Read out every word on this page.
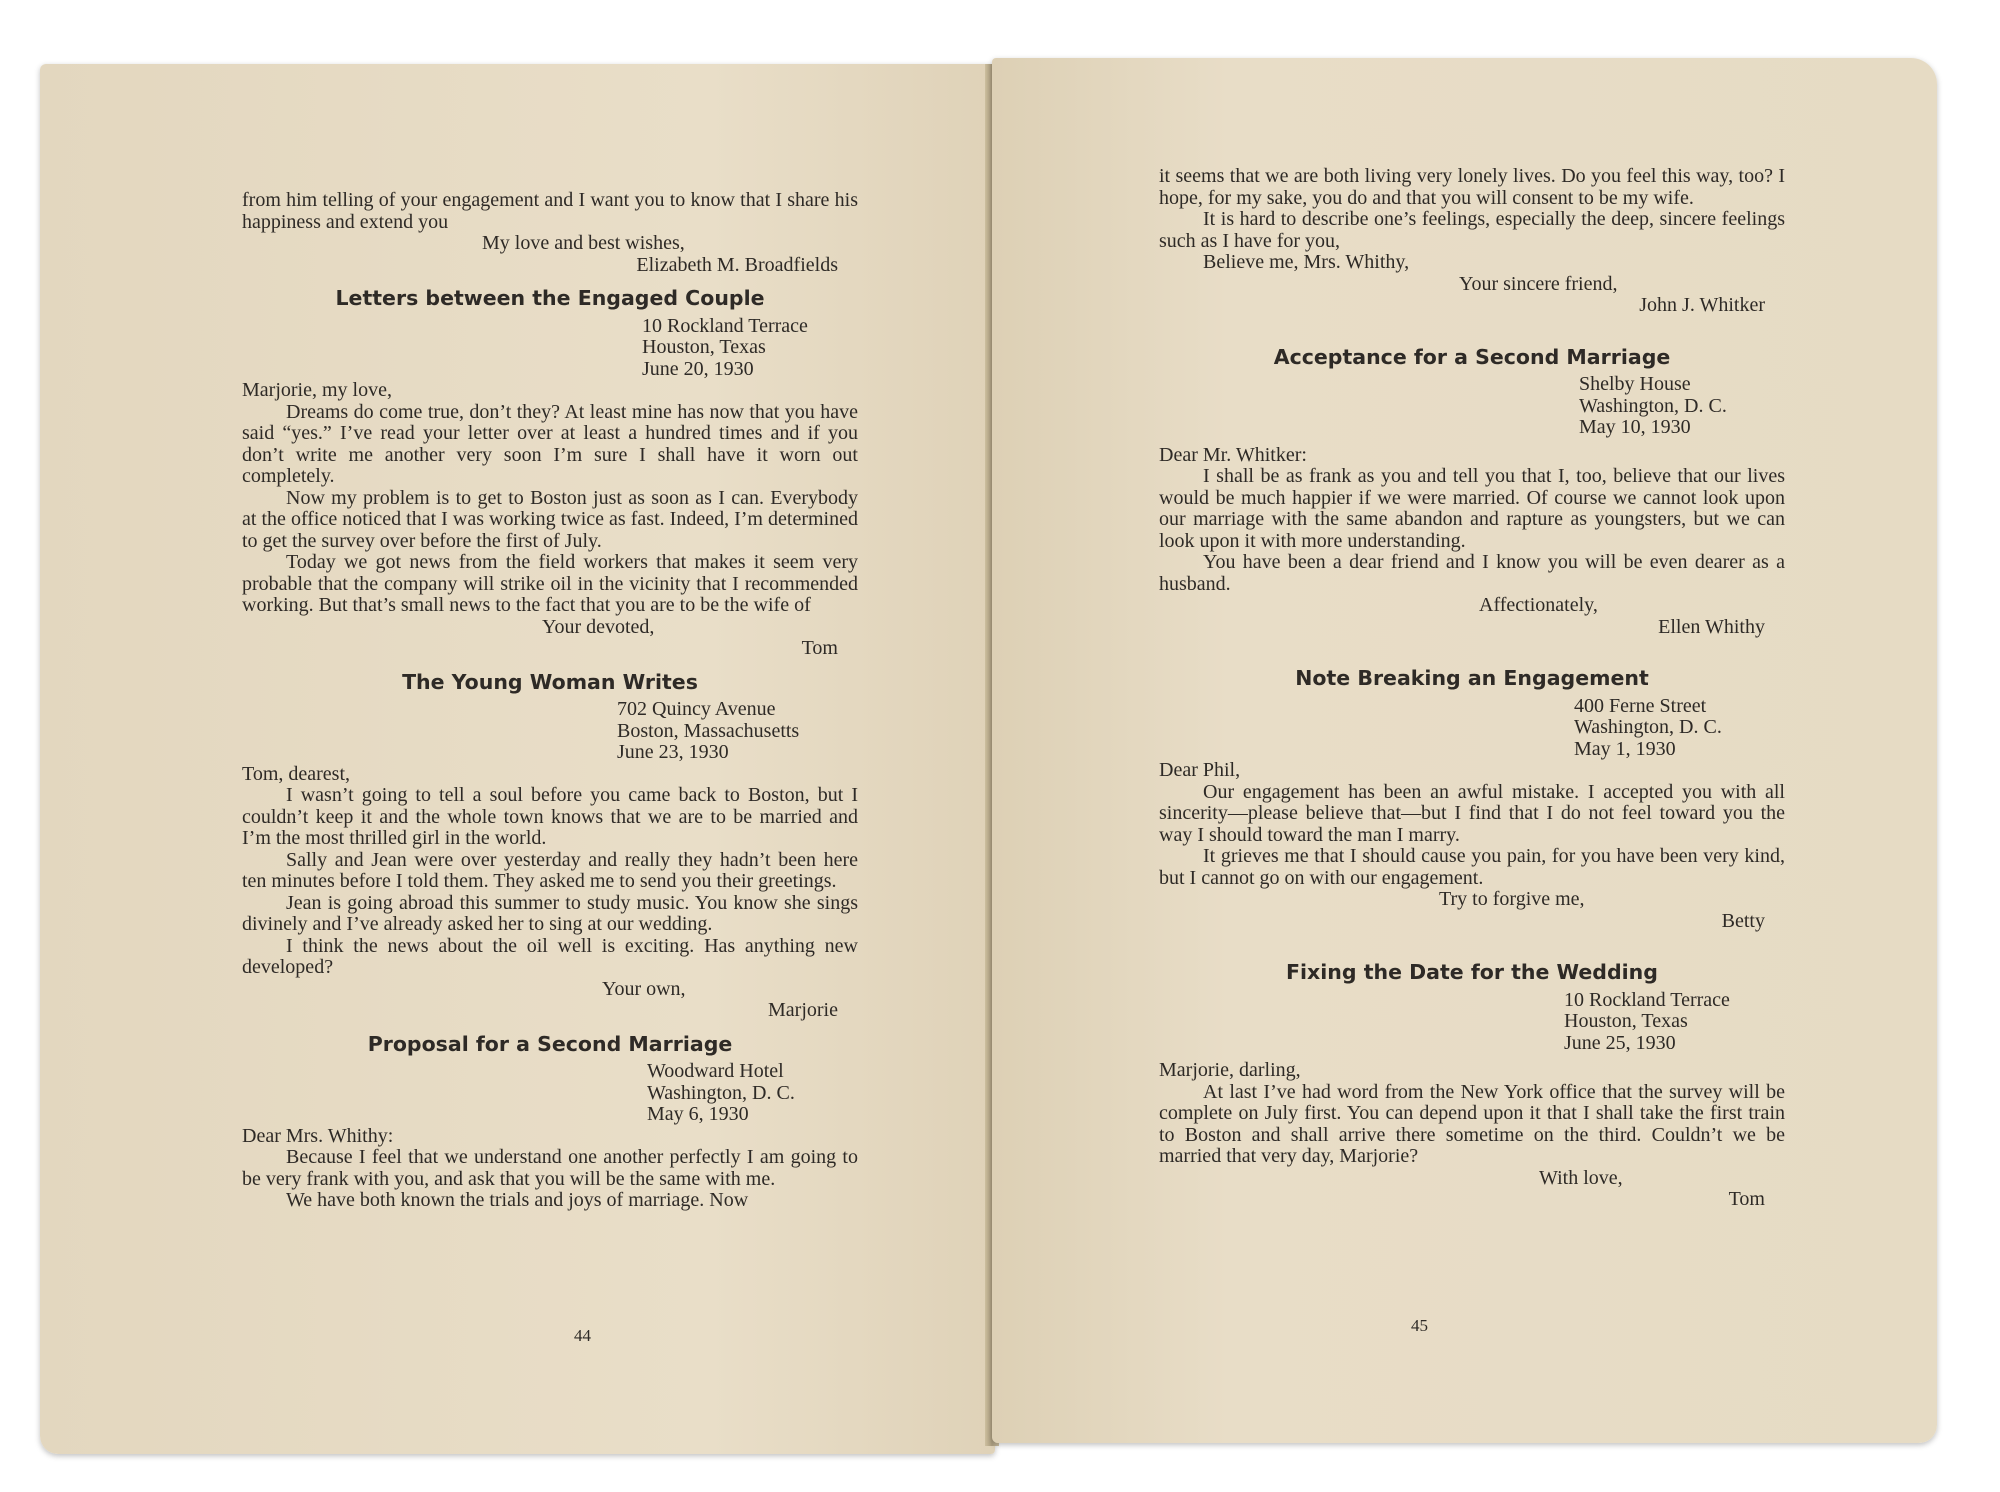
from him telling of your engagement and I want you to know that I share his happiness and extend you

My love and best wishes,
Elizabeth M. Broadfields
Letters between the Engaged Couple
10 Rockland Terrace
Houston, Texas
June 20, 1930
Marjorie, my love,

Dreams do come true, don’t they? At least mine has now that you have said “yes.” I’ve read your letter over at least a hundred times and if you don’t write me another very soon I’m sure I shall have it worn out completely.

Now my problem is to get to Boston just as soon as I can. Everybody at the office noticed that I was working twice as fast. Indeed, I’m determined to get the survey over before the first of July.

Today we got news from the field workers that makes it seem very probable that the company will strike oil in the vicinity that I recommended working. But that’s small news to the fact that you are to be the wife of

Your devoted,
Tom
The Young Woman Writes
702 Quincy Avenue
Boston, Massachusetts
June 23, 1930
Tom, dearest,

I wasn’t going to tell a soul before you came back to Boston, but I couldn’t keep it and the whole town knows that we are to be married and I’m the most thrilled girl in the world.

Sally and Jean were over yesterday and really they hadn’t been here ten minutes before I told them. They asked me to send you their greetings.

Jean is going abroad this summer to study music. You know she sings divinely and I’ve already asked her to sing at our wedding.

I think the news about the oil well is exciting. Has anything new developed?

Your own,
Marjorie
Proposal for a Second Marriage
Woodward Hotel
Washington, D. C.
May 6, 1930
Dear Mrs. Whithy:

Because I feel that we understand one another perfectly I am going to be very frank with you, and ask that you will be the same with me.

We have both known the trials and joys of marriage. Now

44

it seems that we are both living very lonely lives. Do you feel this way, too? I hope, for my sake, you do and that you will consent to be my wife.

It is hard to describe one’s feelings, especially the deep, sincere feelings such as I have for you,

Believe me, Mrs. Whithy,
Your sincere friend,
John J. Whitker
Acceptance for a Second Marriage
Shelby House
Washington, D. C.
May 10, 1930
Dear Mr. Whitker:

I shall be as frank as you and tell you that I, too, believe that our lives would be much happier if we were married. Of course we cannot look upon our marriage with the same abandon and rapture as youngsters, but we can look upon it with more understanding.

You have been a dear friend and I know you will be even dearer as a husband.

Affectionately,
Ellen Whithy
Note Breaking an Engagement
400 Ferne Street
Washington, D. C.
May 1, 1930
Dear Phil,

Our engagement has been an awful mistake. I accepted you with all sincerity—please believe that—but I find that I do not feel toward you the way I should toward the man I marry.

It grieves me that I should cause you pain, for you have been very kind, but I cannot go on with our engagement.

Try to forgive me,
Betty
Fixing the Date for the Wedding
10 Rockland Terrace
Houston, Texas
June 25, 1930
Marjorie, darling,

At last I’ve had word from the New York office that the survey will be complete on July first. You can depend upon it that I shall take the first train to Boston and shall arrive there sometime on the third. Couldn’t we be married that very day, Marjorie?

With love,
Tom
45
